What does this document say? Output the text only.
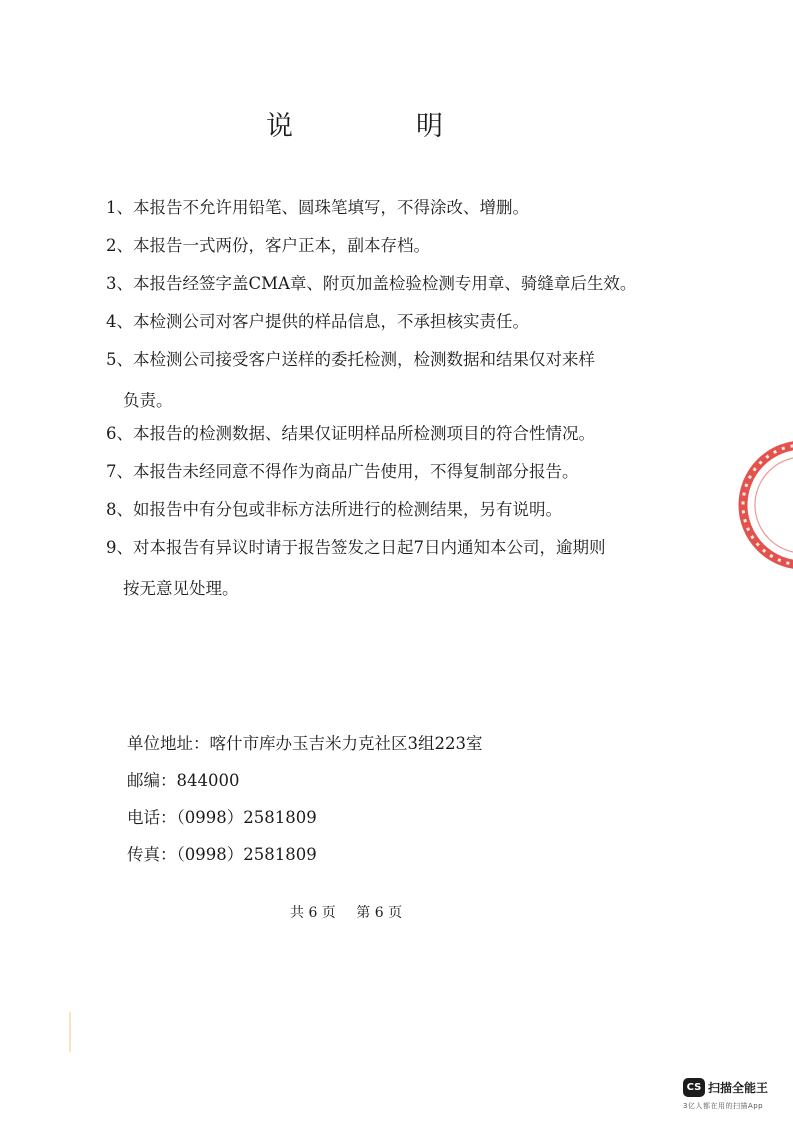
说　明
1、本报告不允许用铅笔、圆珠笔填写，不得涂改、增删。
2、本报告一式两份，客户正本，副本存档。
3、本报告经签字盖CMA章、附页加盖检验检测专用章、骑缝章后生效。
4、本检测公司对客户提供的样品信息，不承担核实责任。
5、本检测公司接受客户送样的委托检测，检测数据和结果仅对来样
负责。
6、本报告的检测数据、结果仅证明样品所检测项目的符合性情况。
7、本报告未经同意不得作为商品广告使用，不得复制部分报告。
8、如报告中有分包或非标方法所进行的检测结果，另有说明。
9、对本报告有异议时请于报告签发之日起7日内通知本公司，逾期则
按无意见处理。
单位地址：喀什市库办玉吉米力克社区3组223室
邮编：844000
电话：（0998）2581809
传真：（0998）2581809
共 6 页 第 6 页
CS 扫描全能王
3亿人都在用的扫描App
